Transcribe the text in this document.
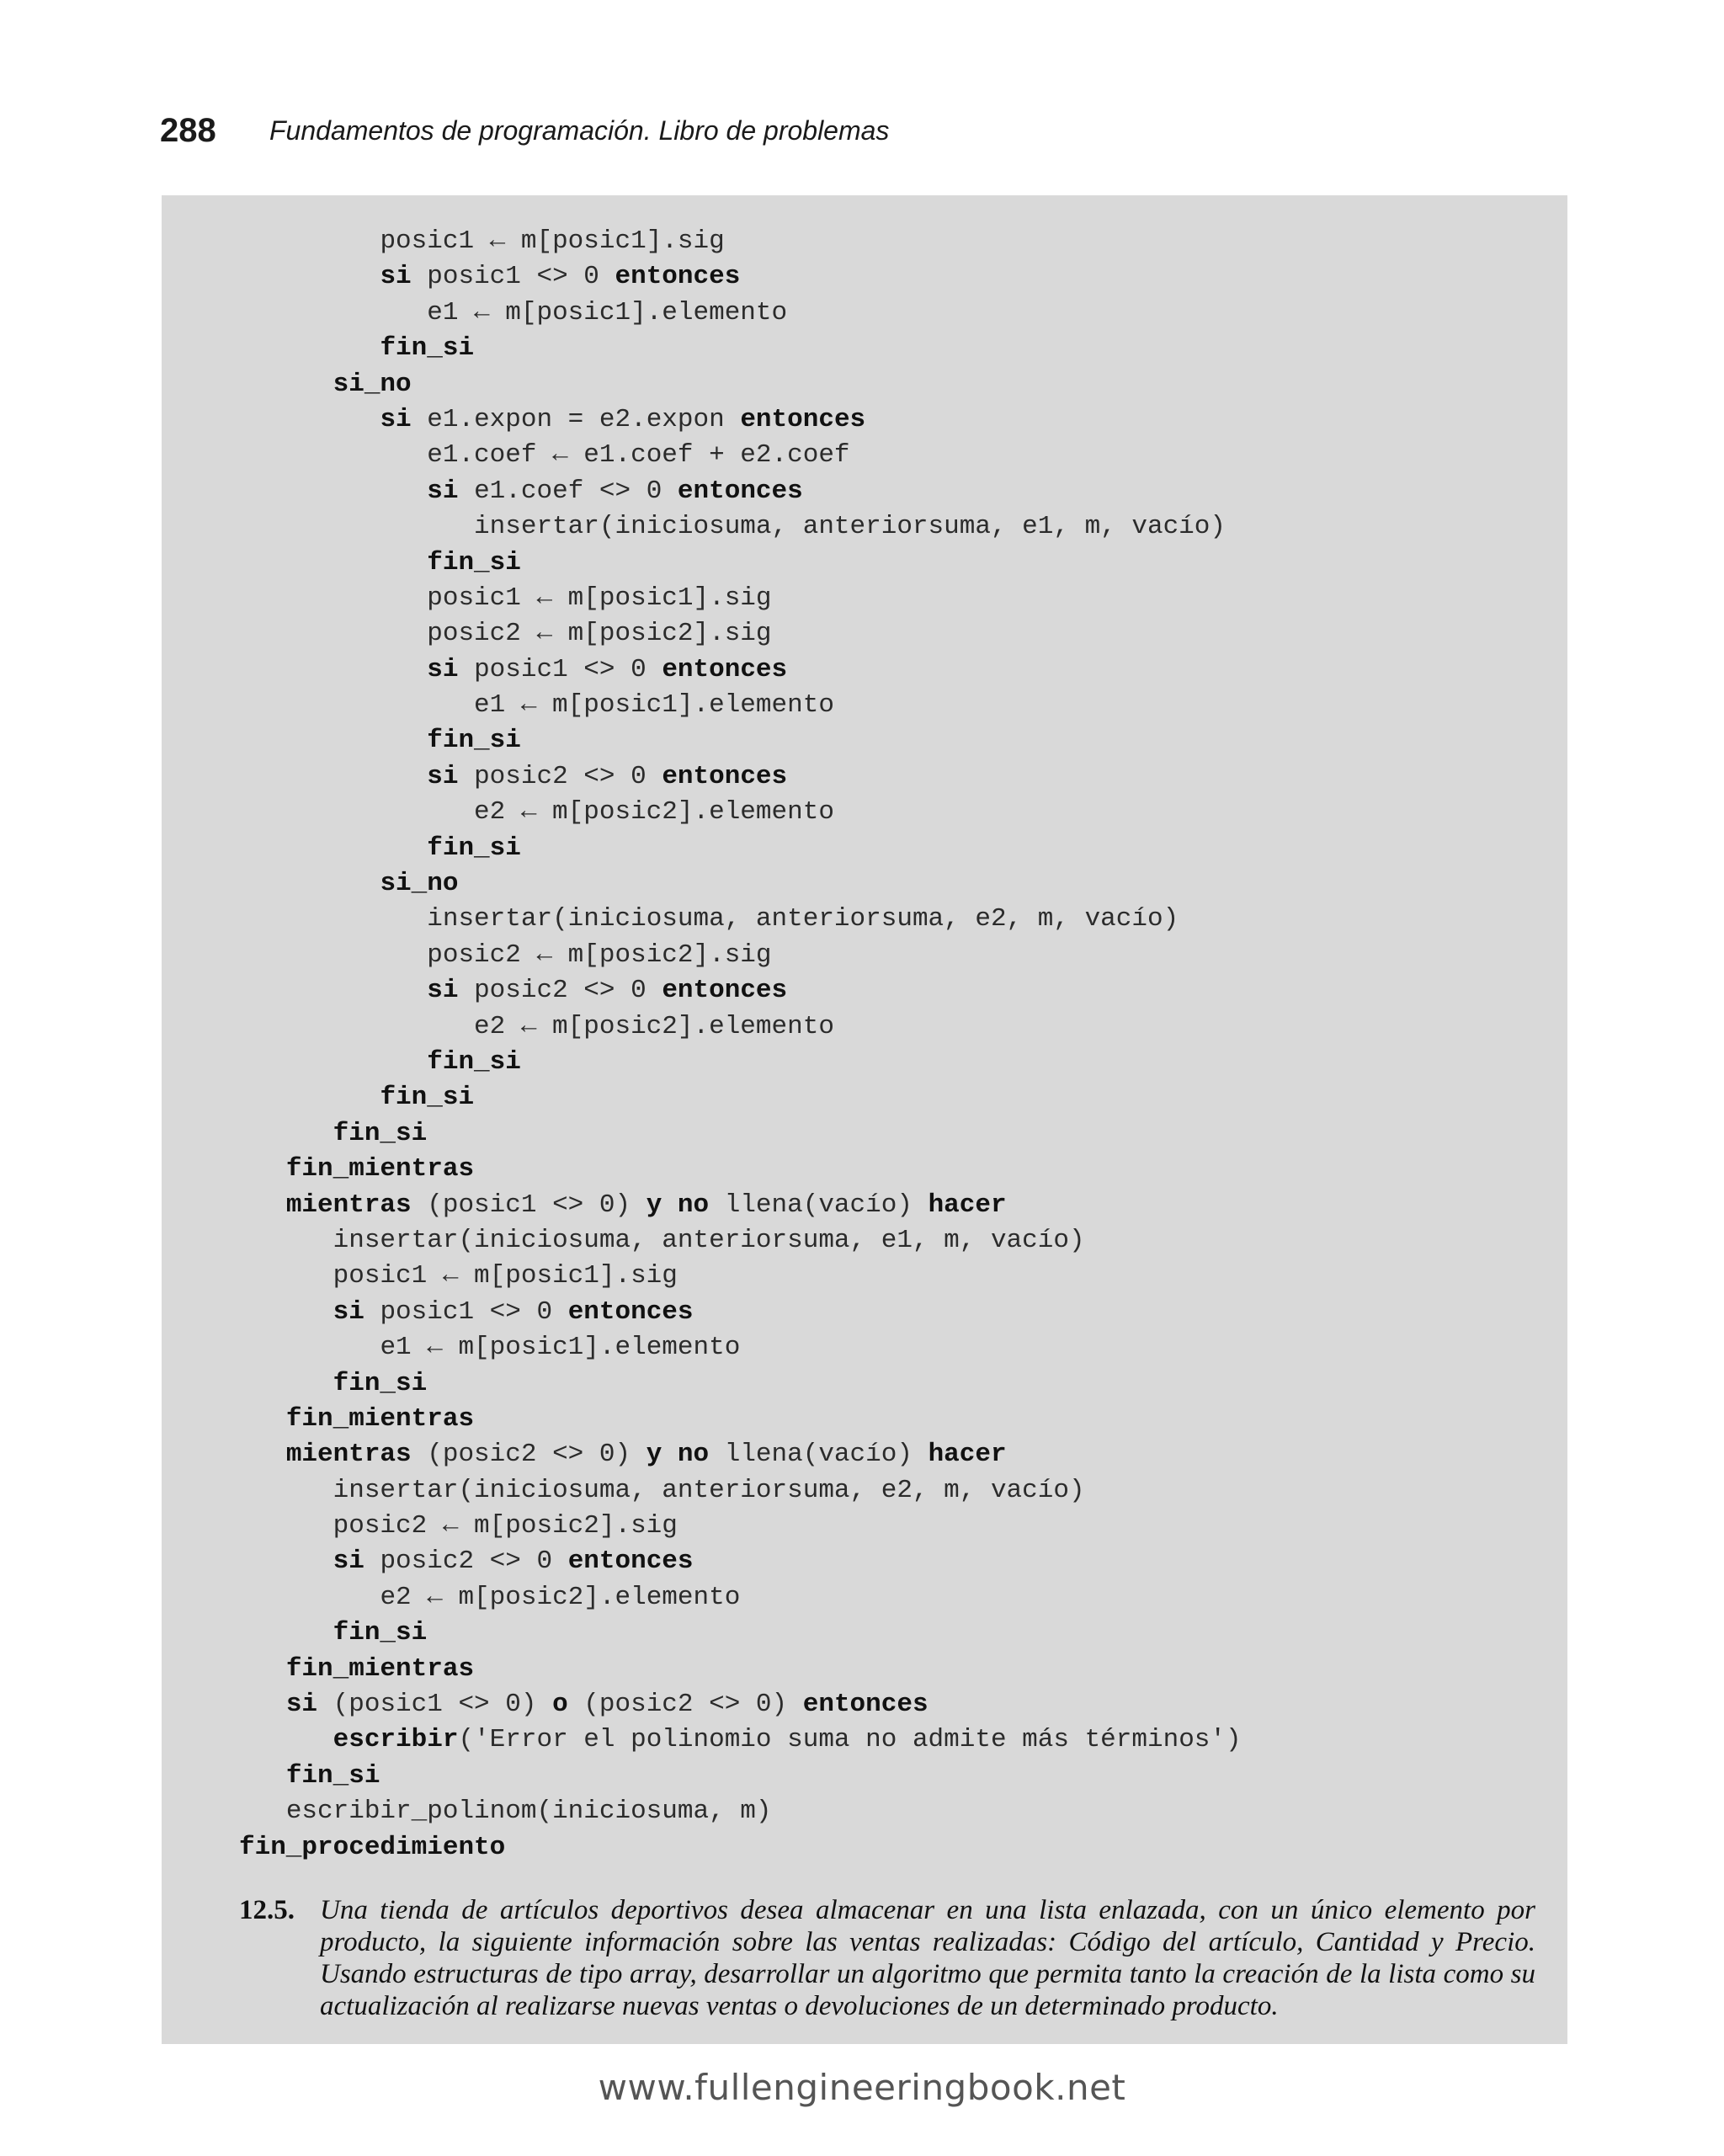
288	Fundamentos de programación. Libro de problemas
posic1 ← m[posic1].sig
si posic1 <> 0 entonces
e1 ← m[posic1].elemento
fin_si
si_no
si e1.expon = e2.expon entonces
e1.coef ← e1.coef + e2.coef
si e1.coef <> 0 entonces
insertar(iniciosuma, anteriorsuma, e1, m, vacío)
fin_si
posic1 ← m[posic1].sig
posic2 ← m[posic2].sig
si posic1 <> 0 entonces
e1 ← m[posic1].elemento
fin_si
si posic2 <> 0 entonces
e2 ← m[posic2].elemento
fin_si
si_no
insertar(iniciosuma, anteriorsuma, e2, m, vacío)
posic2 ← m[posic2].sig
si posic2 <> 0 entonces
e2 ← m[posic2].elemento
fin_si
fin_si
fin_si
fin_mientras
mientras (posic1 <> 0) y no llena(vacío) hacer
insertar(iniciosuma, anteriorsuma, e1, m, vacío)
posic1 ← m[posic1].sig
si posic1 <> 0 entonces
e1 ← m[posic1].elemento
fin_si
fin_mientras
mientras (posic2 <> 0) y no llena(vacío) hacer
insertar(iniciosuma, anteriorsuma, e2, m, vacío)
posic2 ← m[posic2].sig
si posic2 <> 0 entonces
e2 ← m[posic2].elemento
fin_si
fin_mientras
si (posic1 <> 0) o (posic2 <> 0) entonces
escribir('Error el polinomio suma no admite más términos')
fin_si
escribir_polinom(iniciosuma, m)
fin_procedimiento
12.5. Una tienda de artículos deportivos desea almacenar en una lista enlazada, con un único elemento por producto, la siguiente información sobre las ventas realizadas: Código del artículo, Cantidad y Precio. Usando estructuras de tipo array, desarrollar un algoritmo que permita tanto la creación de la lista como su actualización al realizarse nuevas ventas o devoluciones de un determinado producto.
www.fullengineeringbook.net
